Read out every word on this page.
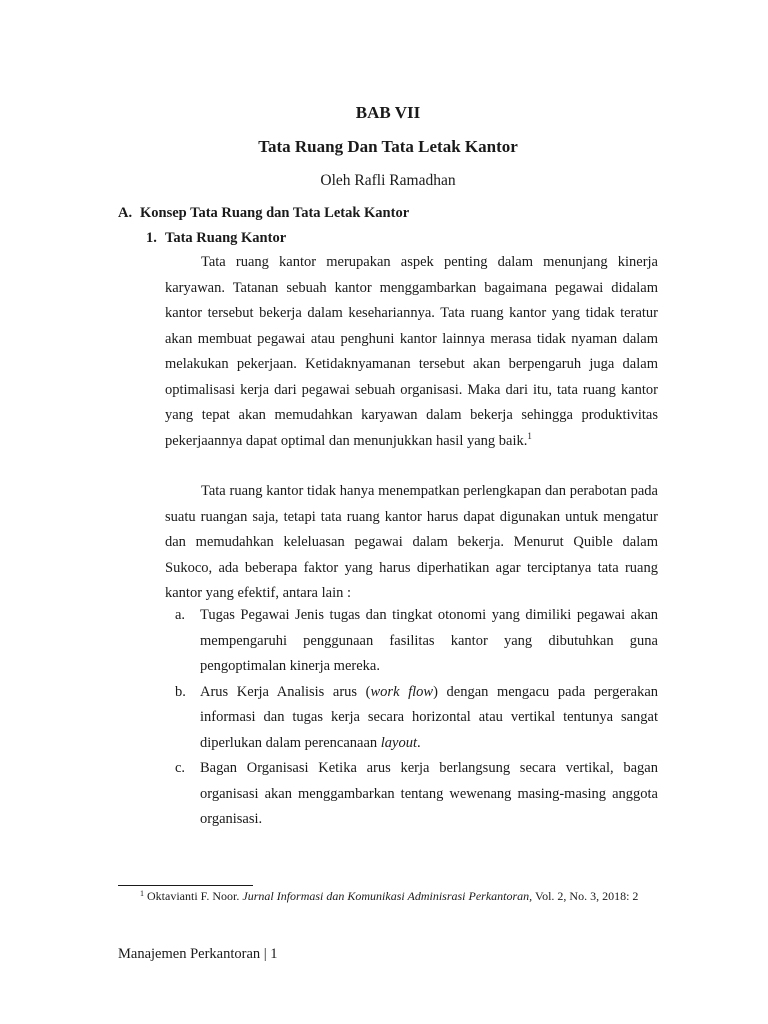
BAB VII
Tata Ruang Dan Tata Letak Kantor
Oleh Rafli Ramadhan
A. Konsep Tata Ruang dan Tata Letak Kantor
1. Tata Ruang Kantor

Tata ruang kantor merupakan aspek penting dalam menunjang kinerja karyawan. Tatanan sebuah kantor menggambarkan bagaimana pegawai didalam kantor tersebut bekerja dalam kesehariannya. Tata ruang kantor yang tidak teratur akan membuat pegawai atau penghuni kantor lainnya merasa tidak nyaman dalam melakukan pekerjaan. Ketidaknyamanan tersebut akan berpengaruh juga dalam optimalisasi kerja dari pegawai sebuah organisasi. Maka dari itu, tata ruang kantor yang tepat akan memudahkan karyawan dalam bekerja sehingga produktivitas pekerjaannya dapat optimal dan menunjukkan hasil yang baik.$^1$

Tata ruang kantor tidak hanya menempatkan perlengkapan dan perabotan pada suatu ruangan saja, tetapi tata ruang kantor harus dapat digunakan untuk mengatur dan memudahkan keleluasan pegawai dalam bekerja. Menurut Quible dalam Sukoco, ada beberapa faktor yang harus diperhatikan agar terciptanya tata ruang kantor yang efektif, antara lain :

a. Tugas Pegawai Jenis tugas dan tingkat otonomi yang dimiliki pegawai akan mempengaruhi penggunaan fasilitas kantor yang dibutuhkan guna pengoptimalan kinerja mereka.
b. Arus Kerja Analisis arus (work flow) dengan mengacu pada pergerakan informasi dan tugas kerja secara horizontal atau vertikal tentunya sangat diperlukan dalam perencanaan layout.
c. Bagan Organisasi Ketika arus kerja berlangsung secara vertikal, bagan organisasi akan menggambarkan tentang wewenang masing-masing anggota organisasi.

$^1$ Oktavianti F. Noor. Jurnal Informasi dan Komunikasi Adminisrasi Perkantoran, Vol. 2, No. 3, 2018: 2

Manajemen Perkantoran | 1
